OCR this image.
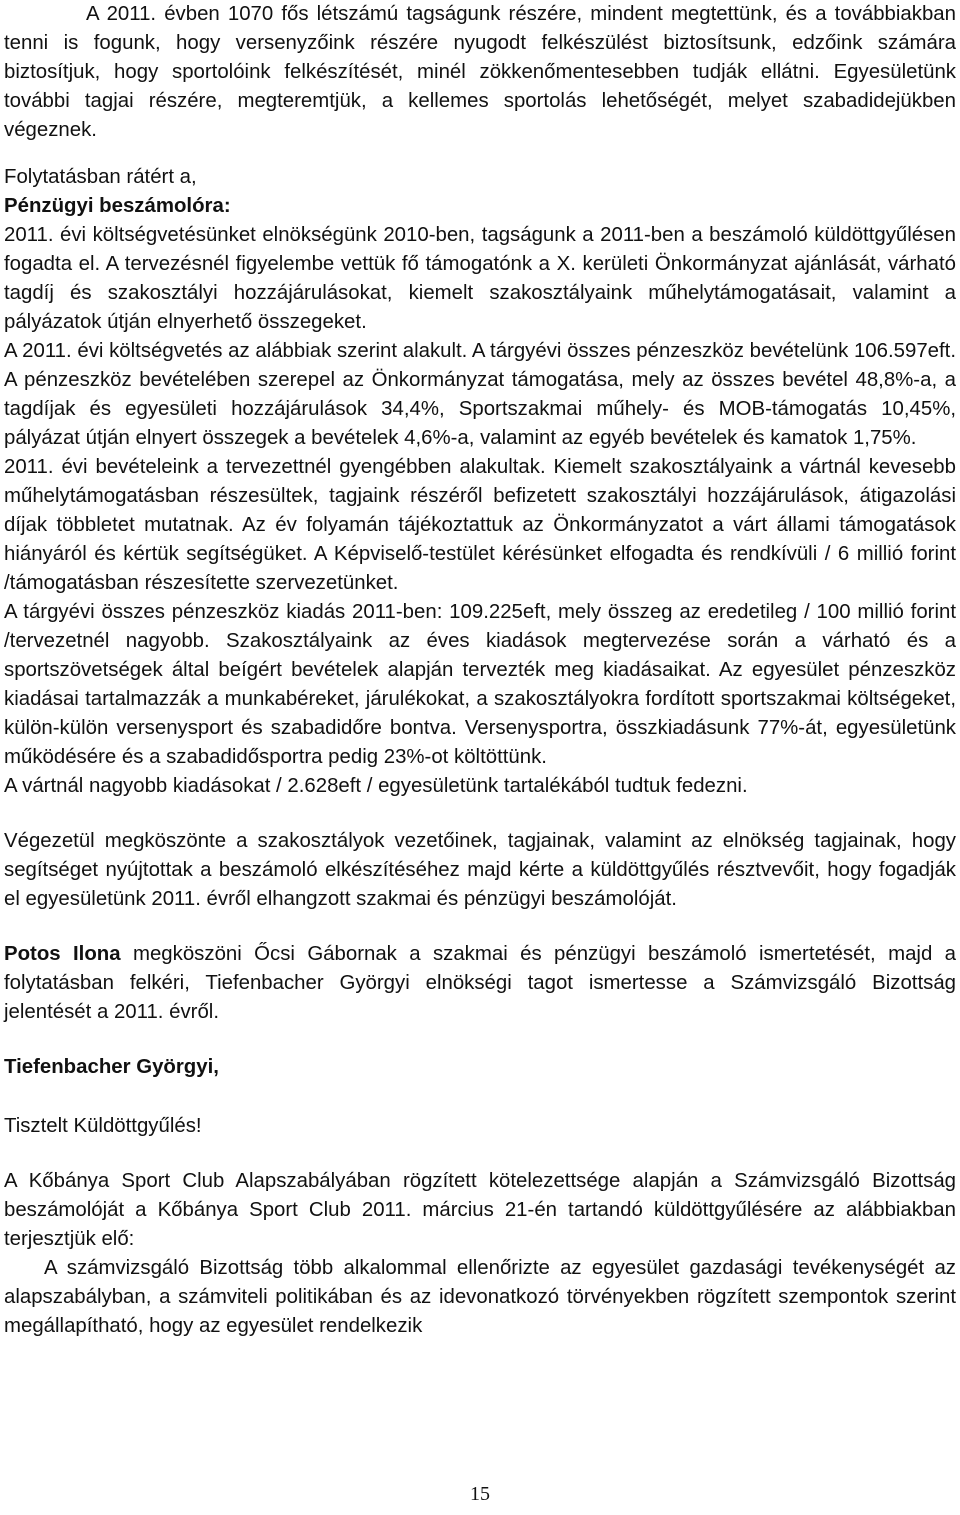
A 2011. évben 1070 fős létszámú tagságunk részére, mindent megtettünk, és a továbbiakban tenni is fogunk, hogy versenyzőink részére nyugodt felkészülést biztosítsunk, edzőink számára biztosítjuk, hogy sportolóink felkészítését, minél zökkenőmentesebben tudják ellátni. Egyesületünk további tagjai részére, megteremtjük, a kellemes sportolás lehetőségét, melyet szabadidejükben végeznek.

Folytatásban rátért a,

Pénzügyi beszámolóra:

2011. évi költségvetésünket elnökségünk 2010-ben, tagságunk a 2011-ben a beszámoló küldöttgyűlésen fogadta el. A tervezésnél figyelembe vettük fő támogatónk a X. kerületi Önkormányzat ajánlását, várható tagdíj és szakosztályi hozzájárulásokat, kiemelt szakosztályaink műhelytámogatásait, valamint a pályázatok útján elnyerhető összegeket.

A 2011. évi költségvetés az alábbiak szerint alakult. A tárgyévi összes pénzeszköz bevételünk 106.597eft. A pénzeszköz bevételében szerepel az Önkormányzat támogatása, mely az összes bevétel 48,8%-a, a tagdíjak és egyesületi hozzájárulások 34,4%, Sportszakmai műhely- és MOB-támogatás 10,45%, pályázat útján elnyert összegek a bevételek 4,6%-a, valamint az egyéb bevételek és kamatok 1,75%.

2011. évi bevételeink a tervezettnél gyengébben alakultak. Kiemelt szakosztályaink a vártnál kevesebb műhelytámogatásban részesültek, tagjaink részéről befizetett szakosztályi hozzájárulások, átigazolási díjak többletet mutatnak. Az év folyamán tájékoztattuk az Önkormányzatot a várt állami támogatások hiányáról és kértük segítségüket. A Képviselő-testület kérésünket elfogadta és rendkívüli / 6 millió forint /támogatásban részesítette szervezetünket.

A tárgyévi összes pénzeszköz kiadás 2011-ben: 109.225eft, mely összeg az eredetileg / 100 millió forint /tervezetnél nagyobb. Szakosztályaink az éves kiadások megtervezése során a várható és a sportszövetségek által beígért bevételek alapján tervezték meg kiadásaikat. Az egyesület pénzeszköz kiadásai tartalmazzák a munkabéreket, járulékokat, a szakosztályokra fordított sportszakmai költségeket, külön-külön versenysport és szabadidőre bontva. Versenysportra, összkiadásunk 77%-át, egyesületünk működésére és a szabadidősportra pedig 23%-ot költöttünk.

A vártnál nagyobb kiadásokat / 2.628eft / egyesületünk tartalékából tudtuk fedezni.

Végezetül megköszönte a szakosztályok vezetőinek, tagjainak, valamint az elnökség tagjainak, hogy segítséget nyújtottak a beszámoló elkészítéséhez majd kérte a küldöttgyűlés résztvevőit, hogy fogadják el egyesületünk 2011. évről elhangzott szakmai és pénzügyi beszámolóját.

Potos Ilona megköszöni Őcsi Gábornak a szakmai és pénzügyi beszámoló ismertetését, majd a folytatásban felkéri, Tiefenbacher Györgyi elnökségi tagot ismertesse a Számvizsgáló Bizottság jelentését a 2011. évről.

Tiefenbacher Györgyi,

Tisztelt Küldöttgyűlés!

A Kőbánya Sport Club Alapszabályában rögzített kötelezettsége alapján a Számvizsgáló Bizottság beszámolóját a Kőbánya Sport Club 2011. március 21-én tartandó küldöttgyűlésére az alábbiakban terjesztjük elő:

A számvizsgáló Bizottság több alkalommal ellenőrizte az egyesület gazdasági tevékenységét az alapszabályban, a számviteli politikában és az idevonatkozó törvényekben rögzített szempontok szerint megállapítható, hogy az egyesület rendelkezik

15
